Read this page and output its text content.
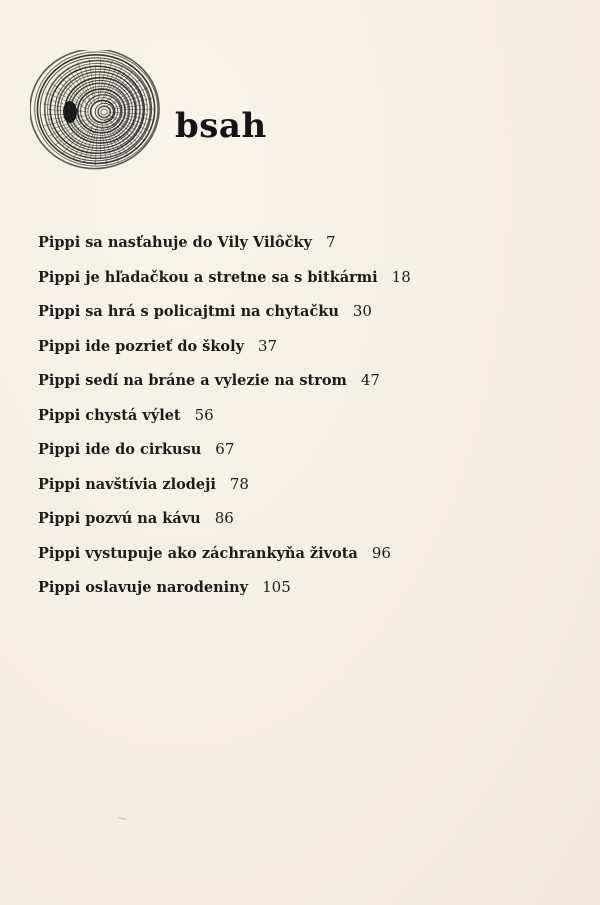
bsah
Pippi sa nasťahuje do Vily Vilôčky 7
Pippi je hľadačkou a stretne sa s bitkármi 18
Pippi sa hrá s policajtmi na chytačku 30
Pippi ide pozrieť do školy 37
Pippi sedí na bráne a vylezie na strom 47
Pippi chystá výlet 56
Pippi ide do cirkusu 67
Pippi navštívia zlodeji 78
Pippi pozvú na kávu 86
Pippi vystupuje ako záchrankyňa života 96
Pippi oslavuje narodeniny 105
